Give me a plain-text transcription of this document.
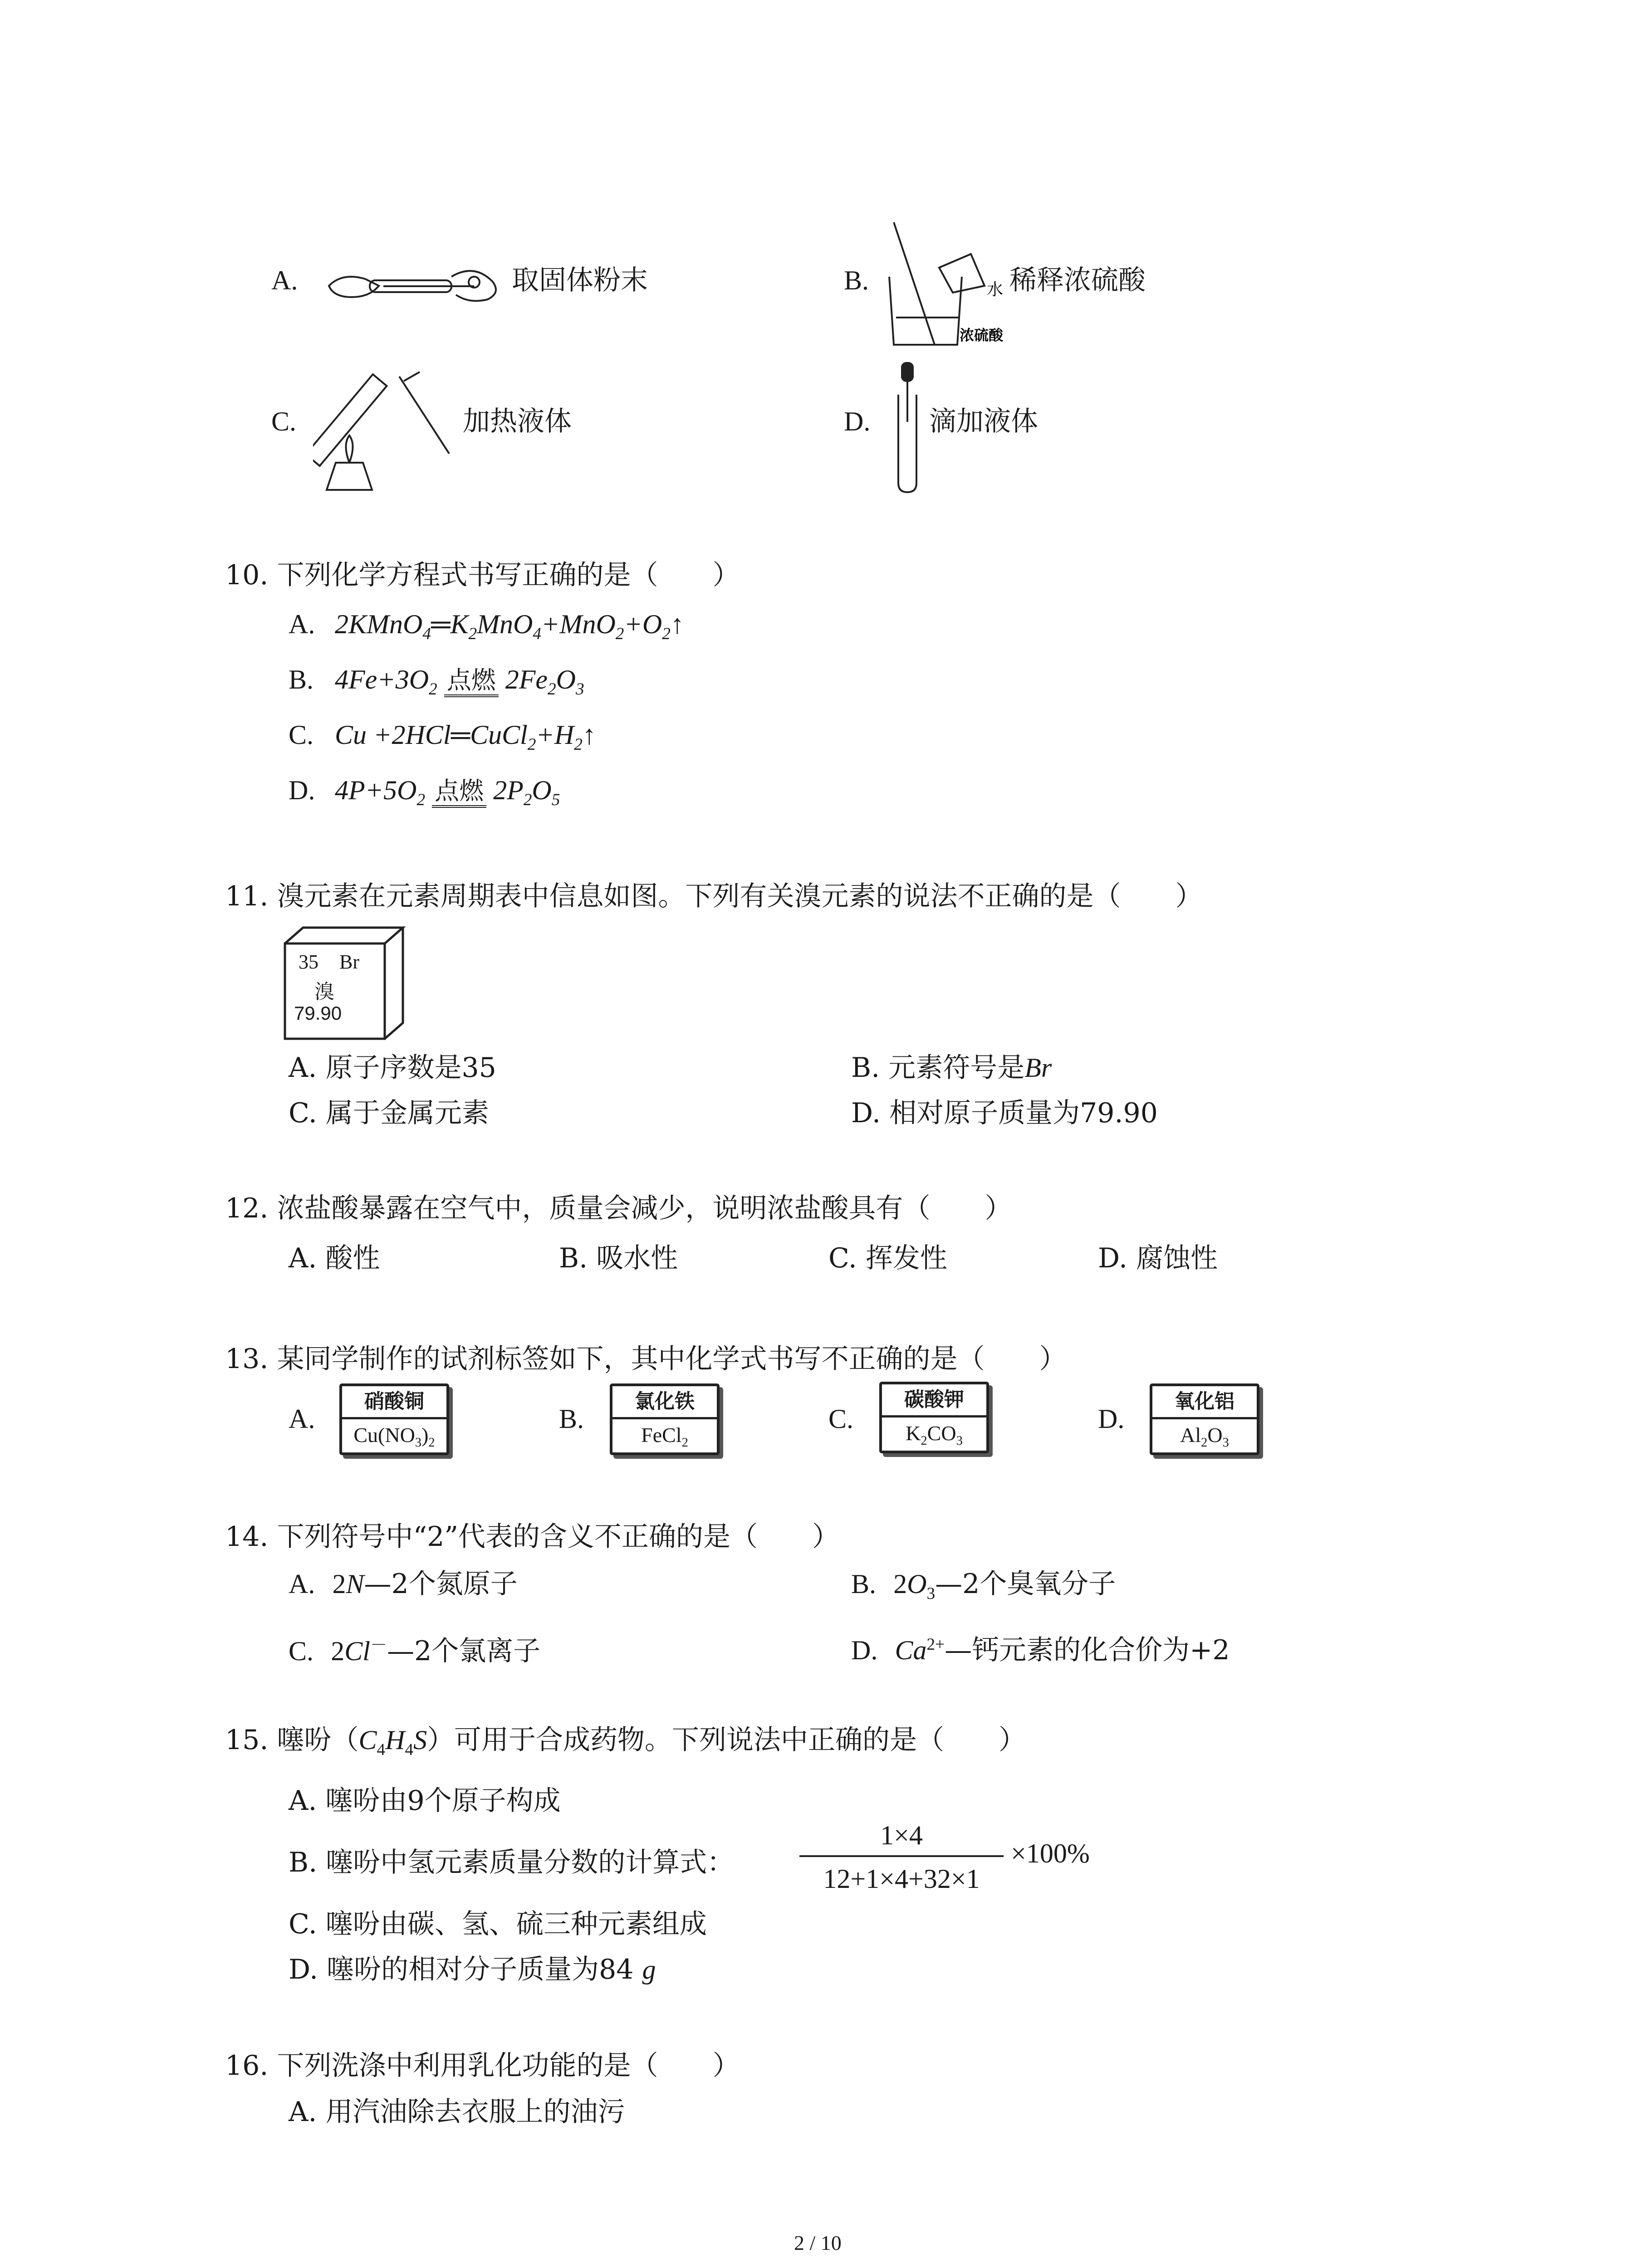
A.	取固体粉末	B.	水
浓硫酸
稀释浓硫酸
C.	加热液体	D. 滴加液体
10. 下列化学方程式书写正确的是（　　）
A. $2KMnO_4═K_2MnO_4+MnO_2+O_2↑$
B. $4Fe+3O_2$ 点燃 $2Fe_2O_3$
C. $Cu +2HCl═CuCl_2+H_2↑$
D. $4P+5O_2$ 点燃 $2P_2O_5$
11. 溴元素在元素周期表中信息如图。下列有关溴元素的说法不正确的是（　　）
35 Br
溴
79.90
A. 原子序数是35	B. 元素符号是Br
C. 属于金属元素	D. 相对原子质量为79.90
12. 浓盐酸暴露在空气中，质量会减少，说明浓盐酸具有（　　）
A. 酸性	B. 吸水性	C. 挥发性	D. 腐蚀性
13. 某同学制作的试剂标签如下，其中化学式书写不正确的是（　　）
A.
硝酸铜
$Cu(NO_3)_2$
B.
氯化铁
FeCl$_2$
C.
碳酸钾
$K_2CO_3$
D.
氧化铝
$Al_2O_3$
14. 下列符号中“2”代表的含义不正确的是（　　）
A. 2N—2个氮原子	B. $2O_3—2$个臭氧分子
C. 2Cl－—2个氯离子	D. $Ca^{2+}—$钙元素的化合价为+2
15. 噻吩$(C_4H_4S)$可用于合成药物。下列说法中正确的是（　　）
A. 噻吩由9个原子构成
B. 噻吩中氢元素质量分数的计算式：
1×4
12+1×4+32×1
×100%
C. 噻吩由碳、氢、硫三种元素组成
D. 噻吩的相对分子质量为84 g
16. 下列洗涤中利用乳化功能的是（　　）
A. 用汽油除去衣服上的油污
2 / 10
